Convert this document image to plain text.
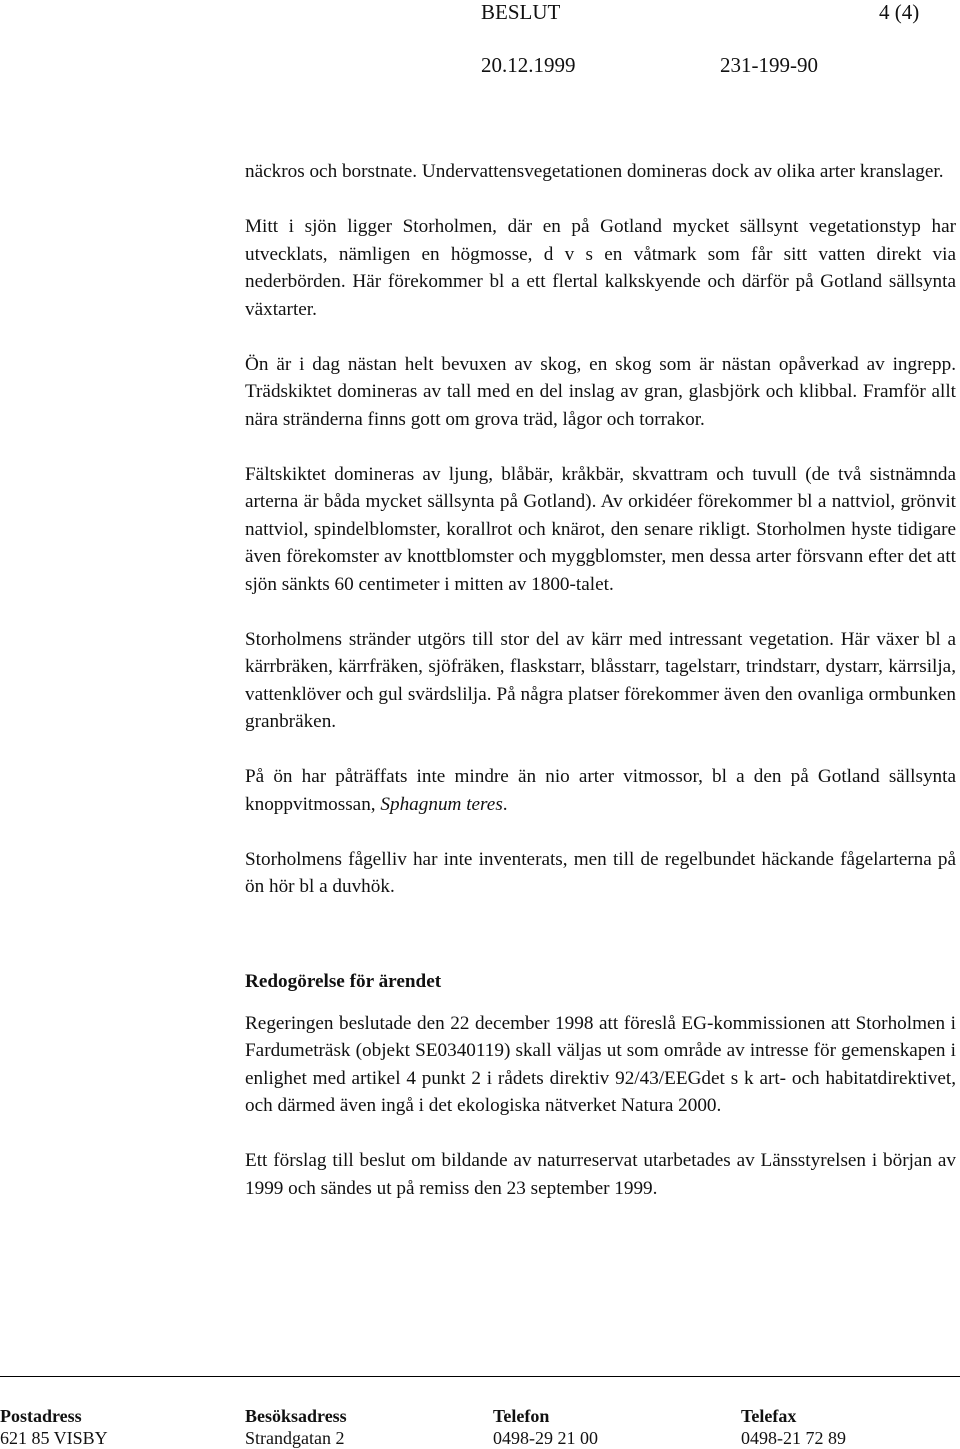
BESLUT	4 (4)
20.12.1999	231-199-90

näckros och borstnate. Undervattensvegetationen domineras dock av olika arter kranslager.

Mitt i sjön ligger Storholmen, där en på Gotland mycket sällsynt vegetationstyp har utvecklats, nämligen en högmosse, d v s en våtmark som får sitt vatten direkt via nederbörden. Här förekommer bl a ett flertal kalkskyende och därför på Gotland sällsynta växtarter.

Ön är i dag nästan helt bevuxen av skog, en skog som är nästan opåverkad av ingrepp. Trädskiktet domineras av tall med en del inslag av gran, glasbjörk och klibbal. Framför allt nära stränderna finns gott om grova träd, lågor och torrakor.

Fältskiktet domineras av ljung, blåbär, kråkbär, skvattram och tuvull (de två sistnämnda arterna är båda mycket sällsynta på Gotland). Av orkidéer förekommer bl a nattviol, grönvit nattviol, spindelblomster, korallrot och knärot, den senare rikligt. Storholmen hyste tidigare även förekomster av knottblomster och myggblomster, men dessa arter försvann efter det att sjön sänkts 60 centimeter i mitten av 1800-talet.

Storholmens stränder utgörs till stor del av kärr med intressant vegetation. Här växer bl a kärrbräken, kärrfräken, sjöfräken, flaskstarr, blåsstarr, tagelstarr, trindstarr, dystarr, kärrsilja, vattenklöver och gul svärdslilja. På några platser förekommer även den ovanliga ormbunken granbräken.

På ön har påträffats inte mindre än nio arter vitmossor, bl a den på Gotland sällsynta knoppvitmossan, Sphagnum teres.

Storholmens fågelliv har inte inventerats, men till de regelbundet häckande fågelarterna på ön hör bl a duvhök.

Redogörelse för ärendet

Regeringen beslutade den 22 december 1998 att föreslå EG-kommissionen att Storholmen i Fardumeträsk (objekt SE0340119) skall väljas ut som område av intresse för gemenskapen i enlighet med artikel 4 punkt 2 i rådets direktiv 92/43/EEGdet s k art- och habitatdirektivet, och därmed även ingå i det ekologiska nätverket Natura 2000.

Ett förslag till beslut om bildande av naturreservat utarbetades av Länsstyrelsen i början av 1999 och sändes ut på remiss den 23 september 1999.

Postadress
621 85 VISBY
Besöksadress
Strandgatan 2
Telefon
0498-29 21 00
Telefax
0498-21 72 89
